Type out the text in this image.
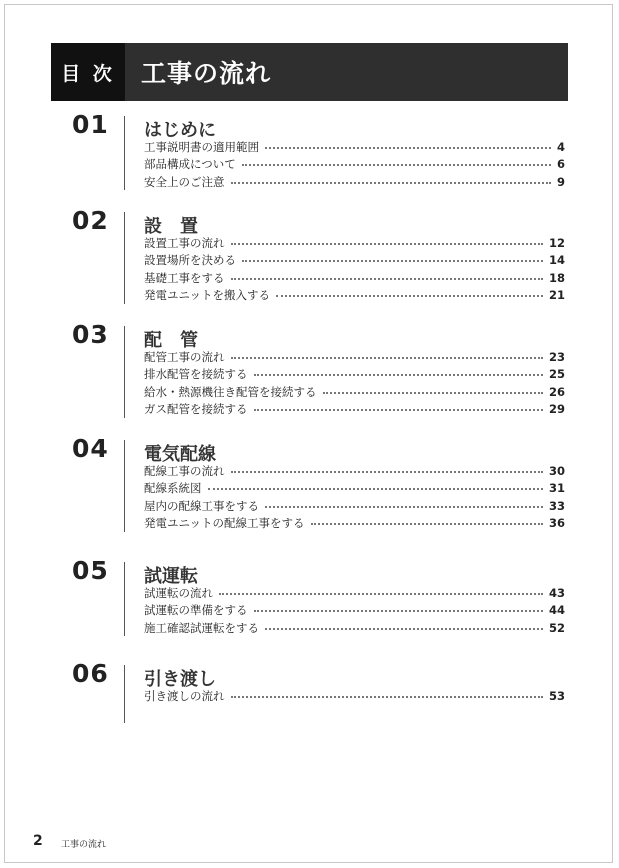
目 次	工事の流れ
01 はじめに
工事説明書の適用範囲	4
部品構成について	6
安全上のご注意	9
02 設　置
設置工事の流れ	12
設置場所を決める	14
基礎工事をする	18
発電ユニットを搬入する	21
03 配　管
配管工事の流れ	23
排水配管を接続する	25
給水・熱源機往き配管を接続する	26
ガス配管を接続する	29
04 電気配線
配線工事の流れ	30
配線系統図	31
屋内の配線工事をする	33
発電ユニットの配線工事をする	36
05 試運転
試運転の流れ	43
試運転の準備をする	44
施工確認試運転をする	52
06 引き渡し
引き渡しの流れ	53
2 工事の流れ
